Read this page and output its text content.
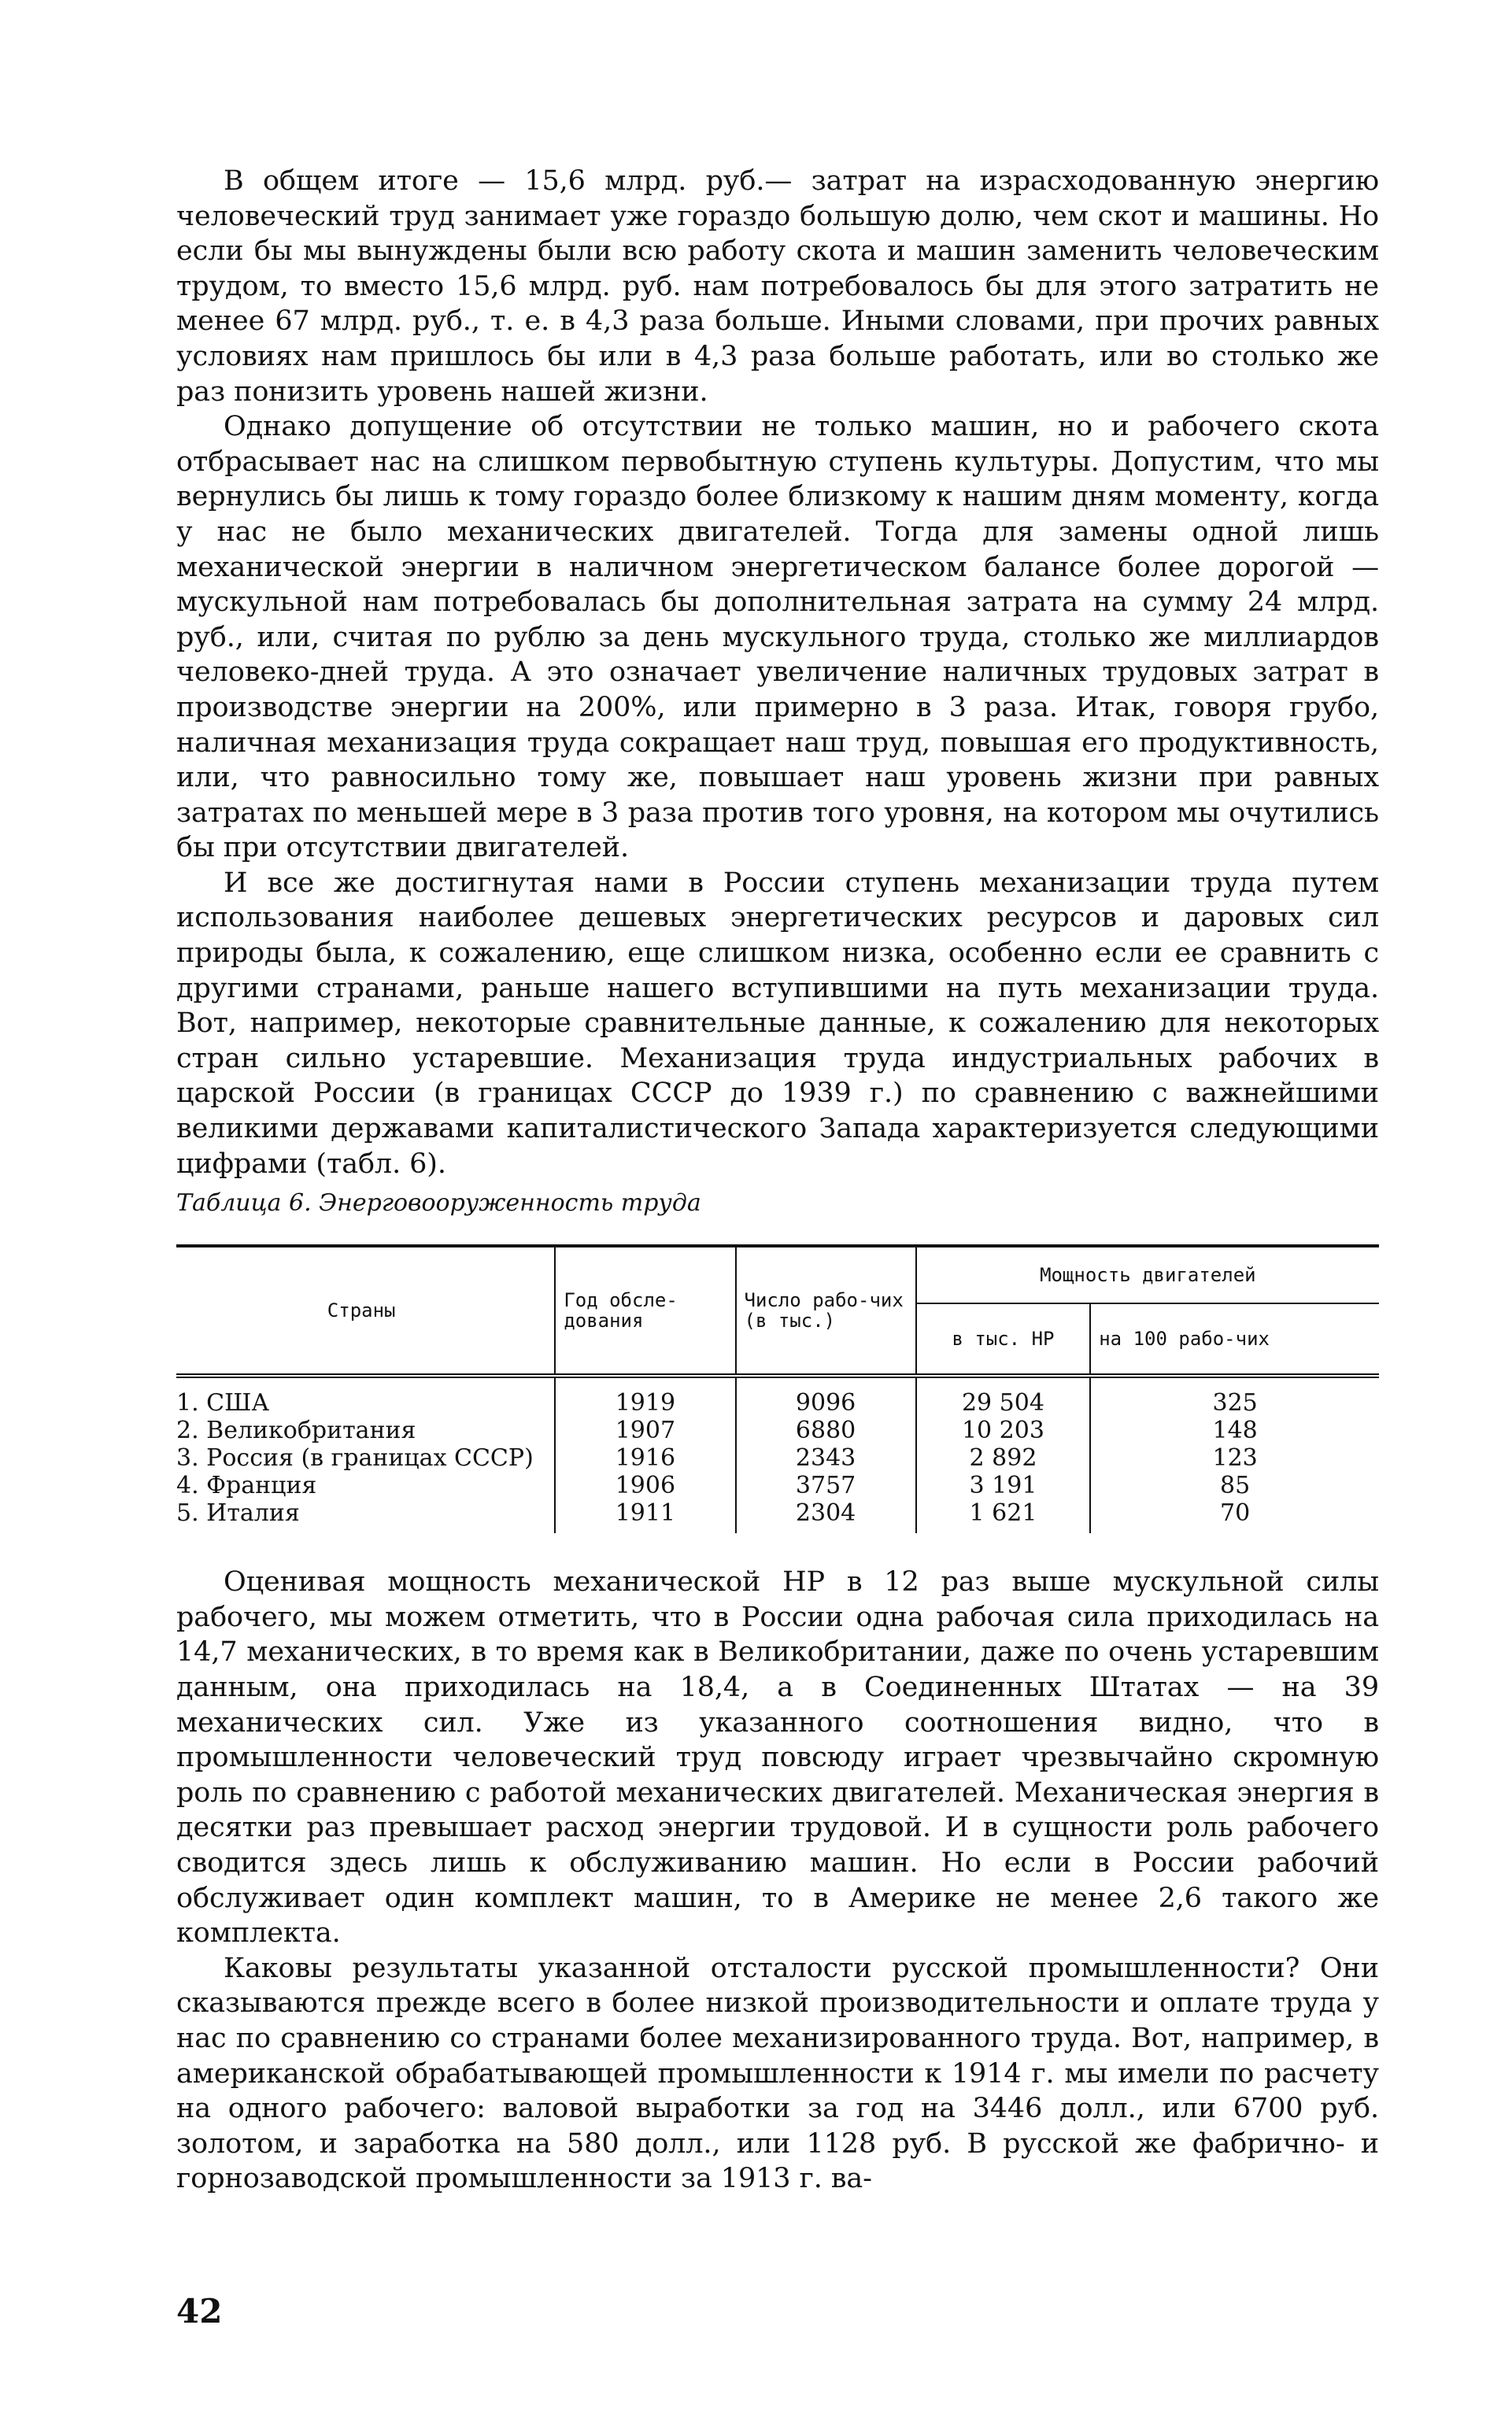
В общем итоге — 15,6 млрд. руб.— затрат на израсходованную энергию человеческий труд занимает уже гораздо большую долю, чем скот и машины. Но если бы мы вынуждены были всю работу скота и машин заменить человеческим трудом, то вместо 15,6 млрд. руб. нам потребовалось бы для этого затратить не менее 67 млрд. руб., т. е. в 4,3 раза больше. Иными словами, при прочих равных условиях нам пришлось бы или в 4,3 раза больше работать, или во столько же раз понизить уровень нашей жизни.

Однако допущение об отсутствии не только машин, но и рабочего скота отбрасывает нас на слишком первобытную ступень культуры. Допустим, что мы вернулись бы лишь к тому гораздо более близкому к нашим дням моменту, когда у нас не было механических двигателей. Тогда для замены одной лишь механической энергии в наличном энергетическом балансе более дорогой — мускульной нам потребовалась бы дополнительная затрата на сумму 24 млрд. руб., или, считая по рублю за день мускульного труда, столько же миллиардов человеко-дней труда. А это означает увеличение наличных трудовых затрат в производстве энергии на 200%, или примерно в 3 раза. Итак, говоря грубо, наличная механизация труда сокращает наш труд, повышая его продуктивность, или, что равносильно тому же, повышает наш уровень жизни при равных затратах по меньшей мере в 3 раза против того уровня, на котором мы очутились бы при отсутствии двигателей.

И все же достигнутая нами в России ступень механизации труда путем использования наиболее дешевых энергетических ресурсов и даровых сил природы была, к сожалению, еще слишком низка, особенно если ее сравнить с другими странами, раньше нашего вступившими на путь механизации труда. Вот, например, некоторые сравнительные данные, к сожалению для некоторых стран сильно устаревшие. Механизация труда индустриальных рабочих в царской России (в границах СССР до 1939 г.) по сравнению с важнейшими великими державами капиталистического Запада характеризуется следующими цифрами (табл. 6).

Таблица 6. Энерговооруженность труда
Страны	Год обсле-дования	Число рабо-чих (в тыс.)	Мощность двигателей	
			в тыс. HP	на 100 рабо-чих
1. США	1919	9096	29 504	325
2. Великобритания	1907	6880	10 203	148
3. Россия (в границах СССР)	1916	2343	2 892	123
4. Франция	1906	3757	3 191	85
5. Италия	1911	2304	1 621	70

Оценивая мощность механической HP в 12 раз выше мускульной силы рабочего, мы можем отметить, что в России одна рабочая сила приходилась на 14,7 механических, в то время как в Великобритании, даже по очень устаревшим данным, она приходилась на 18,4, а в Соединенных Штатах — на 39 механических сил. Уже из указанного соотношения видно, что в промышленности человеческий труд повсюду играет чрезвычайно скромную роль по сравнению с работой механических двигателей. Механическая энергия в десятки раз превышает расход энергии трудовой. И в сущности роль рабочего сводится здесь лишь к обслуживанию машин. Но если в России рабочий обслуживает один комплект машин, то в Америке не менее 2,6 такого же комплекта.

Каковы результаты указанной отсталости русской промышленности? Они сказываются прежде всего в более низкой производительности и оплате труда у нас по сравнению со странами более механизированного труда. Вот, например, в американской обрабатывающей промышленности к 1914 г. мы имели по расчету на одного рабочего: валовой выработки за год на 3446 долл., или 6700 руб. золотом, и заработка на 580 долл., или 1128 руб. В русской же фабрично- и горнозаводской промышленности за 1913 г. ва-

42
